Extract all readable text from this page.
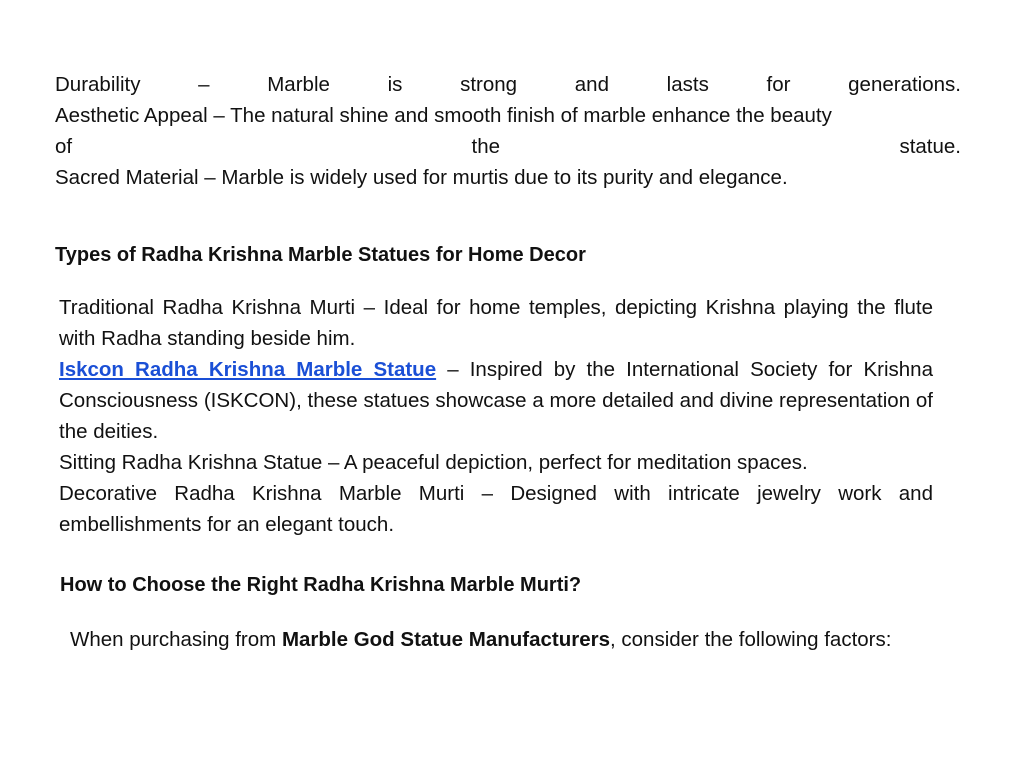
Durability	–	Marble	is	strong	and	lasts	for	generations.
Aesthetic Appeal – The natural shine and smooth finish of marble enhance the beauty
of	the	statue.
Sacred Material – Marble is widely used for murtis due to its purity and elegance.
Types of Radha Krishna Marble Statues for Home Decor

Traditional Radha Krishna Murti – Ideal for home temples, depicting Krishna playing the flute with Radha standing beside him.

Iskcon Radha Krishna Marble Statue – Inspired by the International Society for Krishna Consciousness (ISKCON), these statues showcase a more detailed and divine representation of the deities.

Sitting Radha Krishna Statue – A peaceful depiction, perfect for meditation spaces.

Decorative Radha Krishna Marble Murti – Designed with intricate jewelry work and embellishments for an elegant touch.

How to Choose the Right Radha Krishna Marble Murti?

When purchasing from Marble God Statue Manufacturers, consider the following factors:
